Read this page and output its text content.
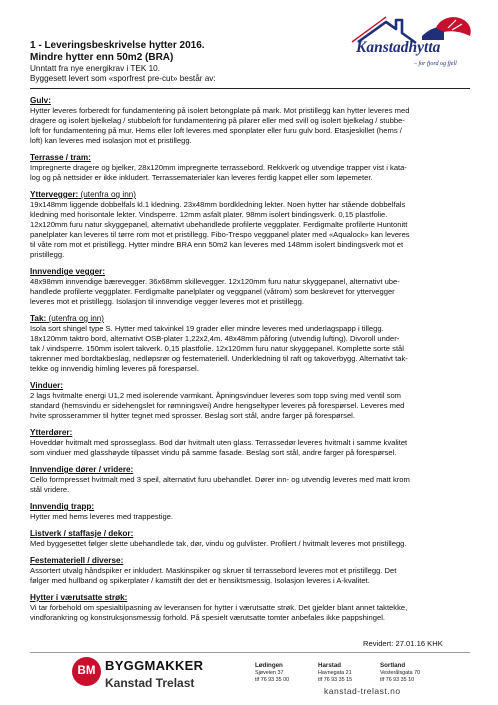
1 - Leveringsbeskrivelse hytter 2016.
Mindre hytter enn 50m2 (BRA)
Unntatt fra nye energikrav i TEK 10.
Byggesett levert som «sporfrest pre-cut» består av:
Kanstadhytta
– for fjord og fjell
Gulv:
Hytter leveres forberedt for fundamentering på isolert betongplate på mark. Mot pristillegg kan hytter leveres med
dragere og isolert bjelkelag / stubbeloft for fundamentering på pilarer eller med svill og isolert bjelkelag / stubbe-
loft for fundamentering på mur. Hems eller loft leveres med sponplater eller furu gulv bord. Etasjeskillet (hems /
loft) kan leveres med isolasjon mot et pristillegg.
Terrasse / tram:
Impregnerte dragere og bjelker, 28x120mm impregnerte terrassebord. Rekkverk og utvendige trapper vist i kata-
log og på nettsider er ikke inkludert. Terrassematerialer kan leveres ferdig kappet eller som løpemeter.
Yttervegger: (utenfra og inn)
19x148mm liggende dobbelfals kl.1 kledning. 23x48mm bordkledning lekter. Noen hytter har stående dobbelfals
kledning med horisontale lekter. Vindsperre. 12mm asfalt plater. 98mm isolert bindingsverk. 0,15 plastfolie.
12x120mm furu natur skyggepanel, alternativt ubehandlede profilerte veggplater. Ferdigmalte profilerte Huntonitt
panelplater kan leveres til tørre rom mot et pristillegg. Fibo-Trespo veggpanel plater med «Aqualock» kan leveres
til våte rom mot et pristillegg. Hytter mindre BRA enn 50m2 kan leveres med 148mm isolert bindingsverk mot et
pristillegg.
Innvendige vegger:
48x98mm innvendige bærevegger. 36x68mm skillevegger. 12x120mm furu natur skyggepanel, alternativt ube-
handlede profilerte veggplater. Ferdigmalte panelplater og veggpanel (våtrom) som beskrevet for yttervegger
leveres mot et pristillegg. Isolasjon til innvendige vegger leveres mot et pristillegg.
Tak: (utenfra og inn)
Isola sort shingel type S. Hytter med takvinkel 19 grader eller mindre leveres med underlagspapp i tillegg.
18x120mm taktro bord, alternativt OSB-plater 1,22x2,4m. 48x48mm påforing (utvendig lufting). Divoroll under-
tak / vindsperre. 150mm isolert takverk. 0,15 plastfolie. 12x120mm furu natur skyggepanel. Komplette sorte stål
takrenner med bordtakbeslag, nedløpsrør og festemateriell. Underkledning til raft og takoverbygg. Alternativt tak-
tekke og innvendig himling leveres på forespørsel.
Vinduer:
2 lags hvitmalte energi U1,2 med isolerende varmkant. Åpningsvinduer leveres som topp sving med ventil som
standard (hemsvindu er sidehengslet for rømningsvei) Andre hengseltyper leveres på forespørsel. Leveres med
hvite sprosserammer til hytter tegnet med sprosser. Beslag sort stål, andre farger på forespørsel.
Ytterdører:
Hoveddør hvitmalt med sprosseglass. Bod dør hvitmalt uten glass. Terrassedør leveres hvitmalt i samme kvalitet
som vinduer med glasshøyde tilpasset vindu på samme fasade. Beslag sort stål, andre farger på forespørsel.
Innvendige dører / vridere:
Cello formpresset hvitmalt med 3 speil, alternativt furu ubehandlet. Dører inn- og utvendig leveres med matt krom
stål vridere.
Innvendig trapp:
Hytter med hems leveres med trappestige.
Listverk / staffasje / dekor:
Med byggesettet følger slette ubehandlede tak, dør, vindu og gulvlister. Profilert / hvitmalt leveres mot pristillegg.
Festemateriell / diverse:
Assortert utvalg håndspiker er inkludert. Maskinspiker og skruer til terrassebord leveres mot et pristillegg. Det
følger med hullband og spikerplater / kamstift der det er hensiktsmessig. Isolasjon leveres i A-kvalitet.
Hytter i værutsatte strøk:
Vi tar forbehold om spesialtilpasning av leveransen for hytter i værutsatte strøk. Det gjelder blant annet taktekke,
vindforankring og konstruksjonsmessig forhold. På spesielt værutsatte tomter anbefales ikke pappshingel.
Revidert: 27.01.16 KHK
BM BYGGMAKKER
Kanstad Trelast
Lødingen
Sjøveien 37
tlf 76 93 35 00
Harstad
Havnegata 21
tlf 76 93 35 15
Sortland
Vesterålsgata 70
tlf 76 93 35 10
kanstad-trelast.no
